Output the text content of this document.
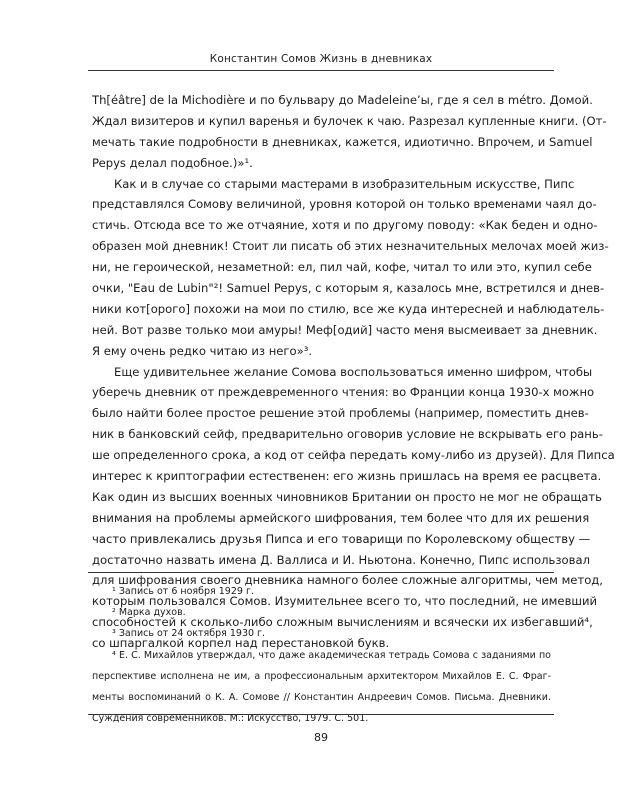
Константин Сомов Жизнь в дневниках
Th[éâtre] de la Michodière и по бульвару до Madeleine’ы, где я сел в métro. Домой.
Ждал визитеров и купил варенья и булочек к чаю. Разрезал купленные книги. (От-
мечать такие подробности в дневниках, кажется, идиотично. Впрочем, и Samuel
Pepys делал подобное.)»¹.
Как и в случае со старыми мастерами в изобразительным искусстве, Пипс
представлялся Сомову величиной, уровня которой он только временами чаял до-
стичь. Отсюда все то же отчаяние, хотя и по другому поводу: «Как беден и одно-
образен мой дневник! Стоит ли писать об этих незначительных мелочах моей жиз-
ни, не героической, незаметной: ел, пил чай, кофе, читал то или это, купил себе
очки, "Eau de Lubin"²! Samuel Pepys, с которым я, казалось мне, встретился и днев-
ники кот[орого] похожи на мои по стилю, все же куда интересней и наблюдатель-
ней. Вот разве только мои амуры! Меф[одий] часто меня высмеивает за дневник.
Я ему очень редко читаю из него»³.
Еще удивительнее желание Сомова воспользоваться именно шифром, чтобы
уберечь дневник от преждевременного чтения: во Франции конца 1930-х можно
было найти более простое решение этой проблемы (например, поместить днев-
ник в банковский сейф, предварительно оговорив условие не вскрывать его рань-
ше определенного срока, а код от сейфа передать кому-либо из друзей). Для Пипса
интерес к криптографии естественен: его жизнь пришлась на время ее расцвета.
Как один из высших военных чиновников Британии он просто не мог не обращать
внимания на проблемы армейского шифрования, тем более что для их решения
часто привлекались друзья Пипса и его товарищи по Королевскому обществу —
достаточно назвать имена Д. Валлиса и И. Ньютона. Конечно, Пипс использовал
для шифрования своего дневника намного более сложные алгоритмы, чем метод,
которым пользовался Сомов. Изумительнее всего то, что последний, не имевший
способностей к сколько-либо сложным вычислениям и всячески их избегавший⁴,
со шпаргалкой корпел над перестановкой букв.
¹ Запись от 6 ноября 1929 г.
² Марка духов.
³ Запись от 24 октября 1930 г.
⁴ Е. С. Михайлов утверждал, что даже академическая тетрадь Сомова с заданиями по
перспективе исполнена не им, а профессиональным архитектором Михайлов Е. С. Фраг-
менты воспоминаний о К. А. Сомове // Константин Андреевич Сомов. Письма. Дневники.
Суждения современников. М.: Искусство, 1979. С. 501.
89
